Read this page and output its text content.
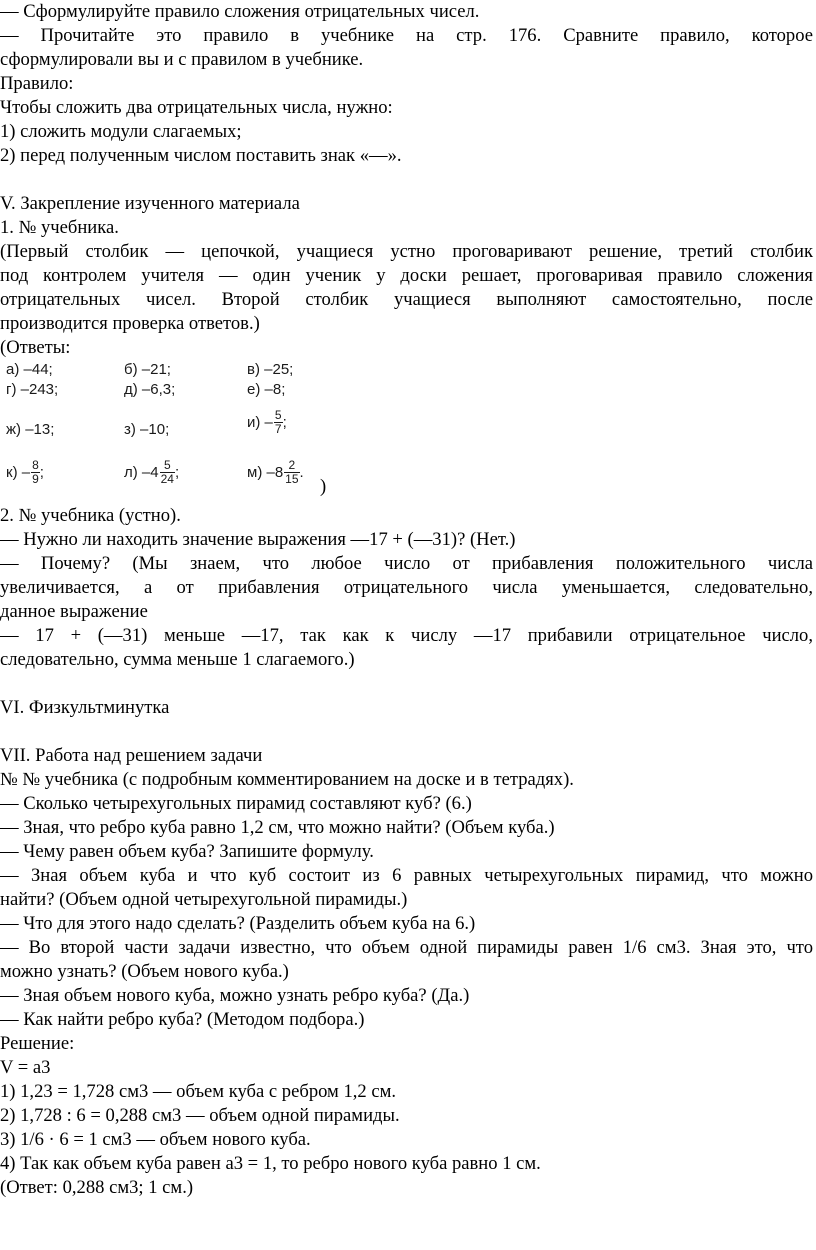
— Сформулируйте правило сложения отрицательных чисел.
— Прочитайте это правило в учебнике на стр. 176. Сравните правило, которое
сформулировали вы и с правилом в учебнике.
Правило:
Чтобы сложить два отрицательных числа, нужно:
1) сложить модули слагаемых;
2) перед полученным числом поставить знак «—».
V. Закрепление изученного материала
1. № учебника.
(Первый столбик — цепочкой, учащиеся устно проговаривают решение, третий столбик
под контролем учителя — один ученик у доски решает, проговаривая правило сложения
отрицательных чисел. Второй столбик учащиеся выполняют самостоятельно, после
производится проверка ответов.)
(Ответы:
а) –44;	б) –21;	в) –25;
г) –243;	д) –6,3;	е) –8;
ж) –13;	з) –10;	$и) - \frac{5}{7}$ ;
$к) - \frac{8}{9}$ ;	л) $-4 \frac{5}{24}$ ;	м) $-8 \frac{2}{15}$ .
)
2. № учебника (устно).
— Нужно ли находить значение выражения —17 + (—31)? (Нет.)
— Почему? (Мы знаем, что любое число от прибавления положительного числа
увеличивается, а от прибавления отрицательного числа уменьшается, следовательно,
данное выражение
— 17 + (—31) меньше —17, так как к числу —17 прибавили отрицательное число,
следовательно, сумма меньше 1 слагаемого.)
VI. Физкультминутка
VII. Работа над решением задачи
№ № учебника (с подробным комментированием на доске и в тетрадях).
— Сколько четырехугольных пирамид составляют куб? (6.)
— Зная, что ребро куба равно 1,2 см, что можно найти? (Объем куба.)
— Чему равен объем куба? Запишите формулу.
— Зная объем куба и что куб состоит из 6 равных четырехугольных пирамид, что можно
найти? (Объем одной четырехугольной пирамиды.)
— Что для этого надо сделать? (Разделить объем куба на 6.)
— Во второй части задачи известно, что объем одной пирамиды равен 1/6 см3. Зная это, что
можно узнать? (Объем нового куба.)
— Зная объем нового куба, можно узнать ребро куба? (Да.)
— Как найти ребро куба? (Методом подбора.)
Решение:
V = а3
1) 1,23 = 1,728 см3 — объем куба с ребром 1,2 см.
2) 1,728 : 6 = 0,288 см3 — объем одной пирамиды.
3) 1/6 · 6 = 1 см3 — объем нового куба.
4) Так как объем куба равен а3 = 1, то ребро нового куба равно 1 см.
(Ответ: 0,288 см3; 1 см.)
